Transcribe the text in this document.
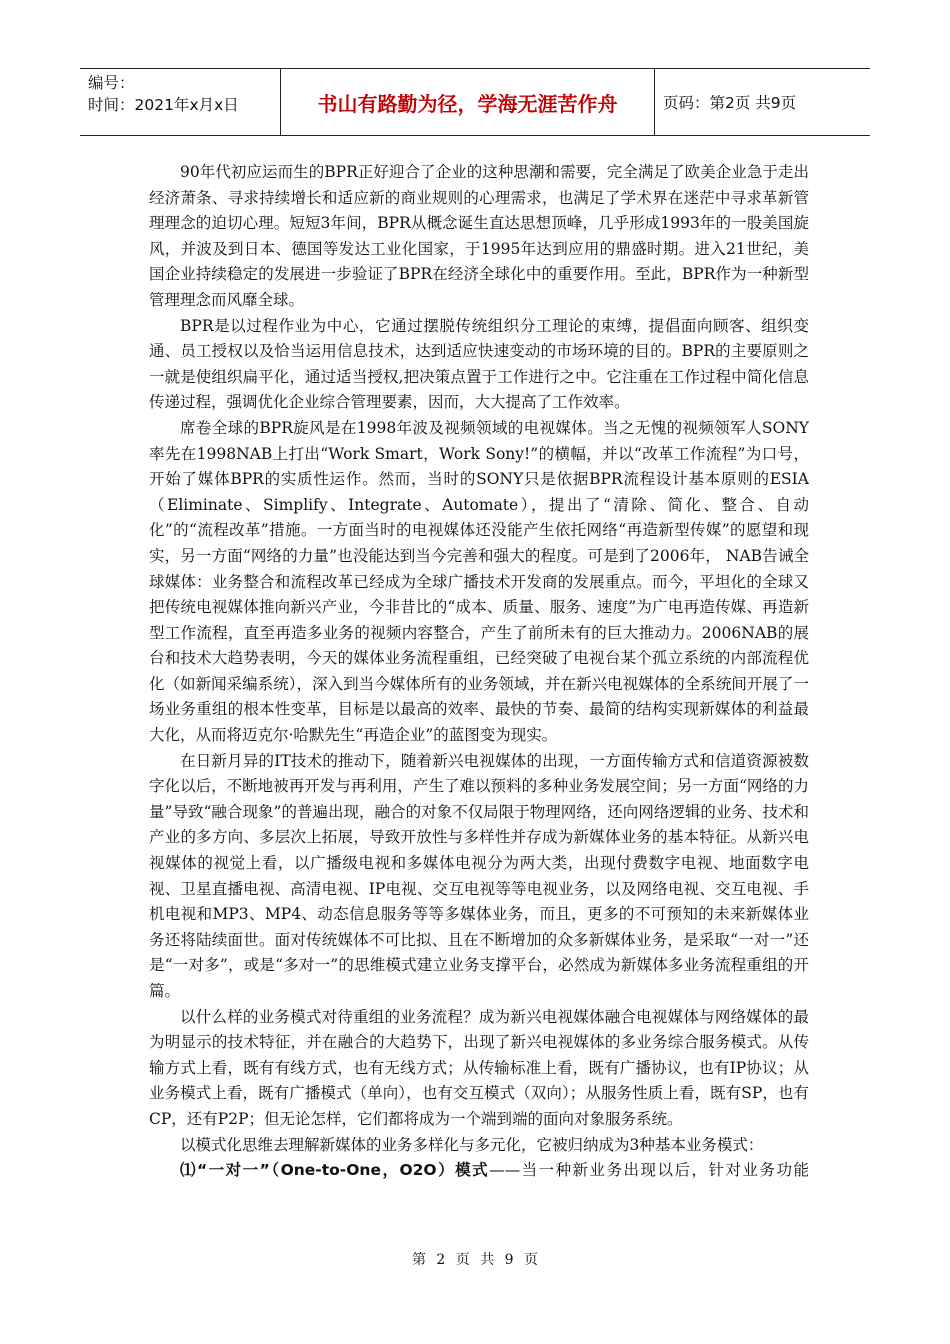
编号：
时间：2021年x月x日	书山有路勤为径，学海无涯苦作舟	页码：第2页 共9页

90年代初应运而生的BPR正好迎合了企业的这种思潮和需要，完全满足了欧美企业急于走出经济萧条、寻求持续增长和适应新的商业规则的心理需求，也满足了学术界在迷茫中寻求革新管理理念的迫切心理。短短3年间，BPR从概念诞生直达思想顶峰，几乎形成1993年的一股美国旋风，并波及到日本、德国等发达工业化国家，于1995年达到应用的鼎盛时期。进入21世纪，美国企业持续稳定的发展进一步验证了BPR在经济全球化中的重要作用。至此，BPR作为一种新型管理理念而风靡全球。

BPR是以过程作业为中心，它通过摆脱传统组织分工理论的束缚，提倡面向顾客、组织变通、员工授权以及恰当运用信息技术，达到适应快速变动的市场环境的目的。BPR的主要原则之一就是使组织扁平化，通过适当授权,把决策点置于工作进行之中。它注重在工作过程中简化信息传递过程，强调优化企业综合管理要素，因而，大大提高了工作效率。

席卷全球的BPR旋风是在1998年波及视频领域的电视媒体。当之无愧的视频领军人SONY率先在1998NAB上打出“Work Smart，Work Sony!”的横幅，并以“改革工作流程”为口号，开始了媒体BPR的实质性运作。然而，当时的SONY只是依据BPR流程设计基本原则的ESIA（Eliminate、Simplify、Integrate、Automate），提出了“清除、简化、整合、自动化”的“流程改革”措施。一方面当时的电视媒体还没能产生依托网络“再造新型传媒”的愿望和现实，另一方面“网络的力量”也没能达到当今完善和强大的程度。可是到了2006年， NAB告诫全球媒体：业务整合和流程改革已经成为全球广播技术开发商的发展重点。而今，平坦化的全球又把传统电视媒体推向新兴产业，今非昔比的“成本、质量、服务、速度”为广电再造传媒、再造新型工作流程，直至再造多业务的视频内容整合，产生了前所未有的巨大推动力。2006NAB的展台和技术大趋势表明，今天的媒体业务流程重组，已经突破了电视台某个孤立系统的内部流程优化（如新闻采编系统），深入到当今媒体所有的业务领域，并在新兴电视媒体的全系统间开展了一场业务重组的根本性变革，目标是以最高的效率、最快的节奏、最简的结构实现新媒体的利益最大化，从而将迈克尔·哈默先生“再造企业”的蓝图变为现实。

在日新月异的IT技术的推动下，随着新兴电视媒体的出现，一方面传输方式和信道资源被数字化以后，不断地被再开发与再利用，产生了难以预料的多种业务发展空间；另一方面“网络的力量”导致“融合现象”的普遍出现，融合的对象不仅局限于物理网络，还向网络逻辑的业务、技术和产业的多方向、多层次上拓展，导致开放性与多样性并存成为新媒体业务的基本特征。从新兴电视媒体的视觉上看，以广播级电视和多媒体电视分为两大类，出现付费数字电视、地面数字电视、卫星直播电视、高清电视、IP电视、交互电视等等电视业务，以及网络电视、交互电视、手机电视和MP3、MP4、动态信息服务等等多媒体业务，而且，更多的不可预知的未来新媒体业务还将陆续面世。面对传统媒体不可比拟、且在不断增加的众多新媒体业务，是采取“一对一”还是“一对多”，或是“多对一”的思维模式建立业务支撑平台，必然成为新媒体多业务流程重组的开篇。

以什么样的业务模式对待重组的业务流程？成为新兴电视媒体融合电视媒体与网络媒体的最为明显示的技术特征，并在融合的大趋势下，出现了新兴电视媒体的多业务综合服务模式。从传输方式上看，既有有线方式，也有无线方式；从传输标准上看，既有广播协议，也有IP协议；从业务模式上看，既有广播模式（单向），也有交互模式（双向）；从服务性质上看，既有SP，也有CP，还有P2P；但无论怎样，它们都将成为一个端到端的面向对象服务系统。

以模式化思维去理解新媒体的业务多样化与多元化，它被归纳成为3种基本业务模式：

⑴“一对一”（One-to-One，O2O）模式——当一种新业务出现以后，针对业务功能

第 2 页 共 9 页
